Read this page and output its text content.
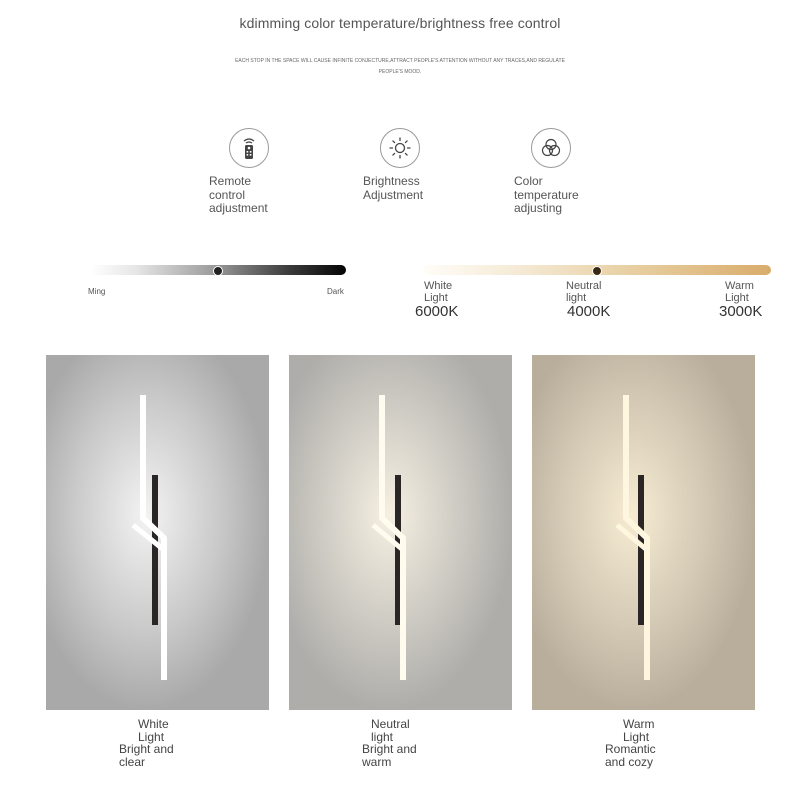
kdimming color temperature/brightness free control
EACH STOP IN THE SPACE WILL CAUSE INFINITE CONJECTURE,ATTRACT PEOPLE'S ATTENTION WITHOUT ANY TRACES,AND REGULATE PEOPLE'S MOOD.
Remote
control
adjustment
Brightness
Adjustment
Color
temperature
adjusting
Ming	Dark	White
Light
6000K
Neutral
light
4000K
Warm
Light
3000K
White
Light
Bright and
clear
Neutral
light
Bright and
warm
Warm
Light
Romantic
and cozy
